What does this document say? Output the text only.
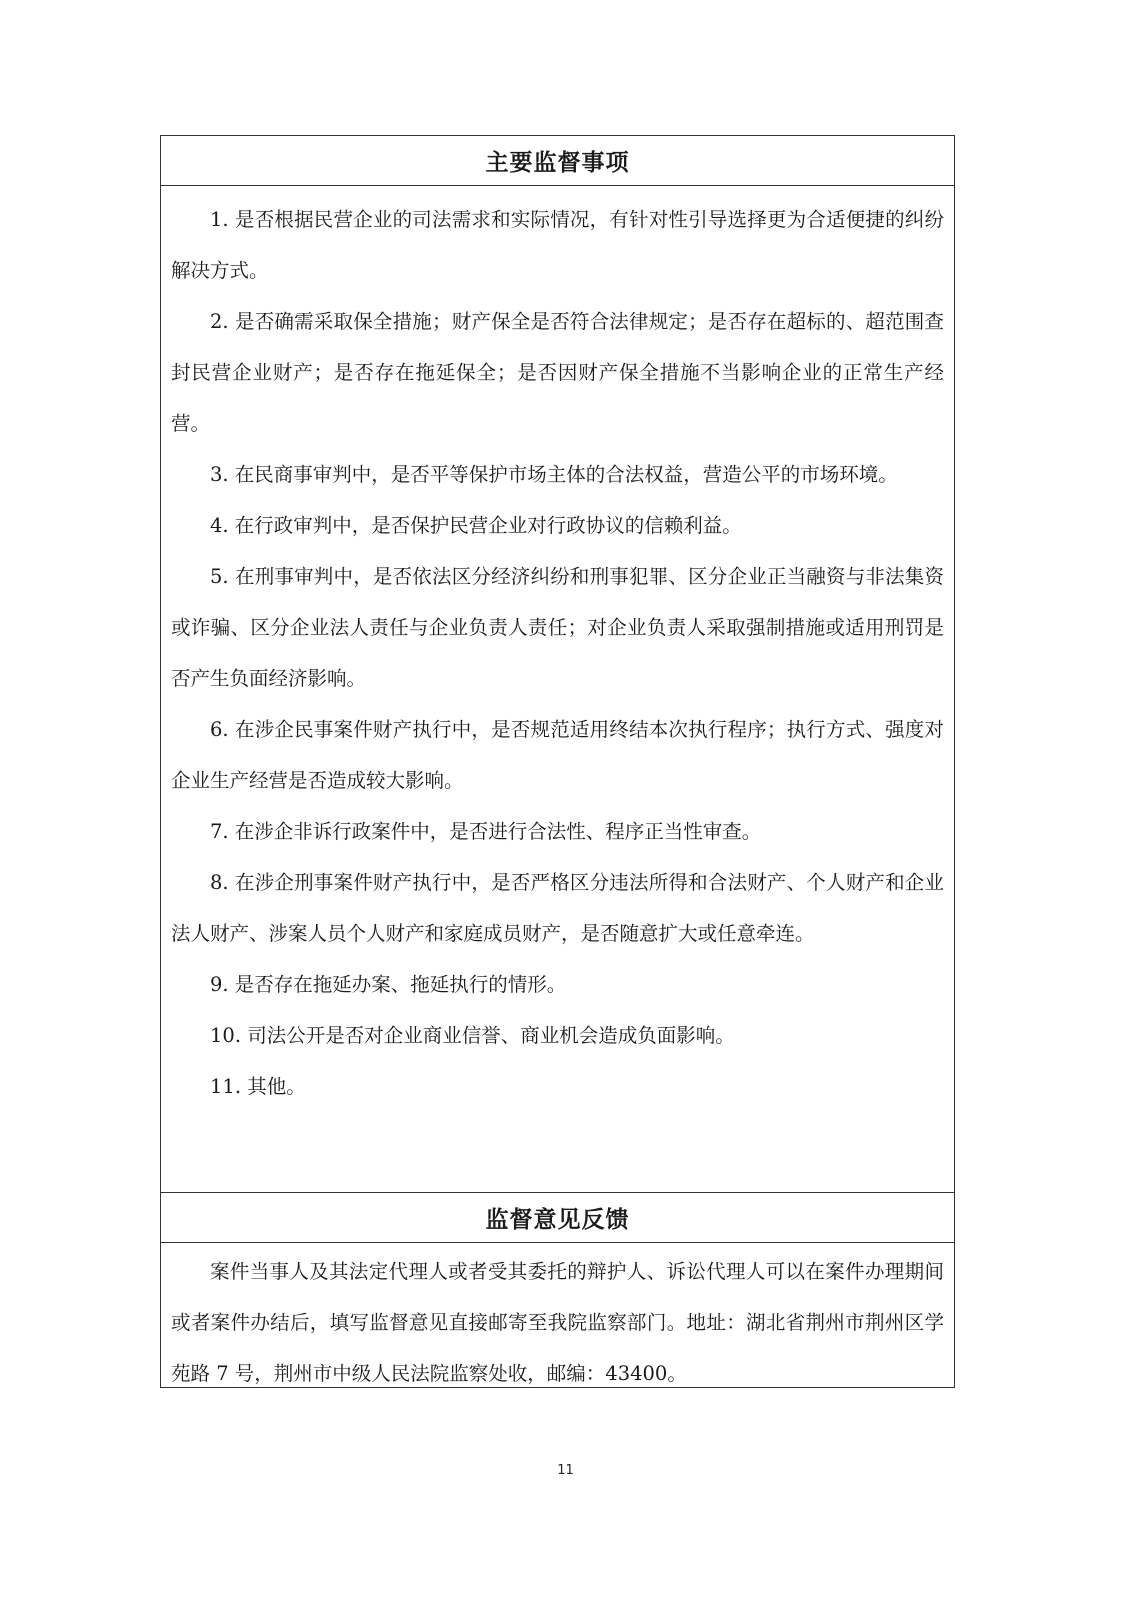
主要监督事项

1. 是否根据民营企业的司法需求和实际情况，有针对性引导选择更为合适便捷的纠纷解决方式。

2. 是否确需采取保全措施；财产保全是否符合法律规定；是否存在超标的、超范围查封民营企业财产；是否存在拖延保全；是否因财产保全措施不当影响企业的正常生产经营。

3. 在民商事审判中，是否平等保护市场主体的合法权益，营造公平的市场环境。

4. 在行政审判中，是否保护民营企业对行政协议的信赖利益。

5. 在刑事审判中，是否依法区分经济纠纷和刑事犯罪、区分企业正当融资与非法集资或诈骗、区分企业法人责任与企业负责人责任；对企业负责人采取强制措施或适用刑罚是否产生负面经济影响。

6. 在涉企民事案件财产执行中，是否规范适用终结本次执行程序；执行方式、强度对企业生产经营是否造成较大影响。

7. 在涉企非诉行政案件中，是否进行合法性、程序正当性审查。

8. 在涉企刑事案件财产执行中，是否严格区分违法所得和合法财产、个人财产和企业法人财产、涉案人员个人财产和家庭成员财产，是否随意扩大或任意牵连。

9. 是否存在拖延办案、拖延执行的情形。

10. 司法公开是否对企业商业信誉、商业机会造成负面影响。

11. 其他。

监督意见反馈

案件当事人及其法定代理人或者受其委托的辩护人、诉讼代理人可以在案件办理期间或者案件办结后，填写监督意见直接邮寄至我院监察部门。地址：湖北省荆州市荆州区学苑路 7 号，荆州市中级人民法院监察处收，邮编：43400。

11
